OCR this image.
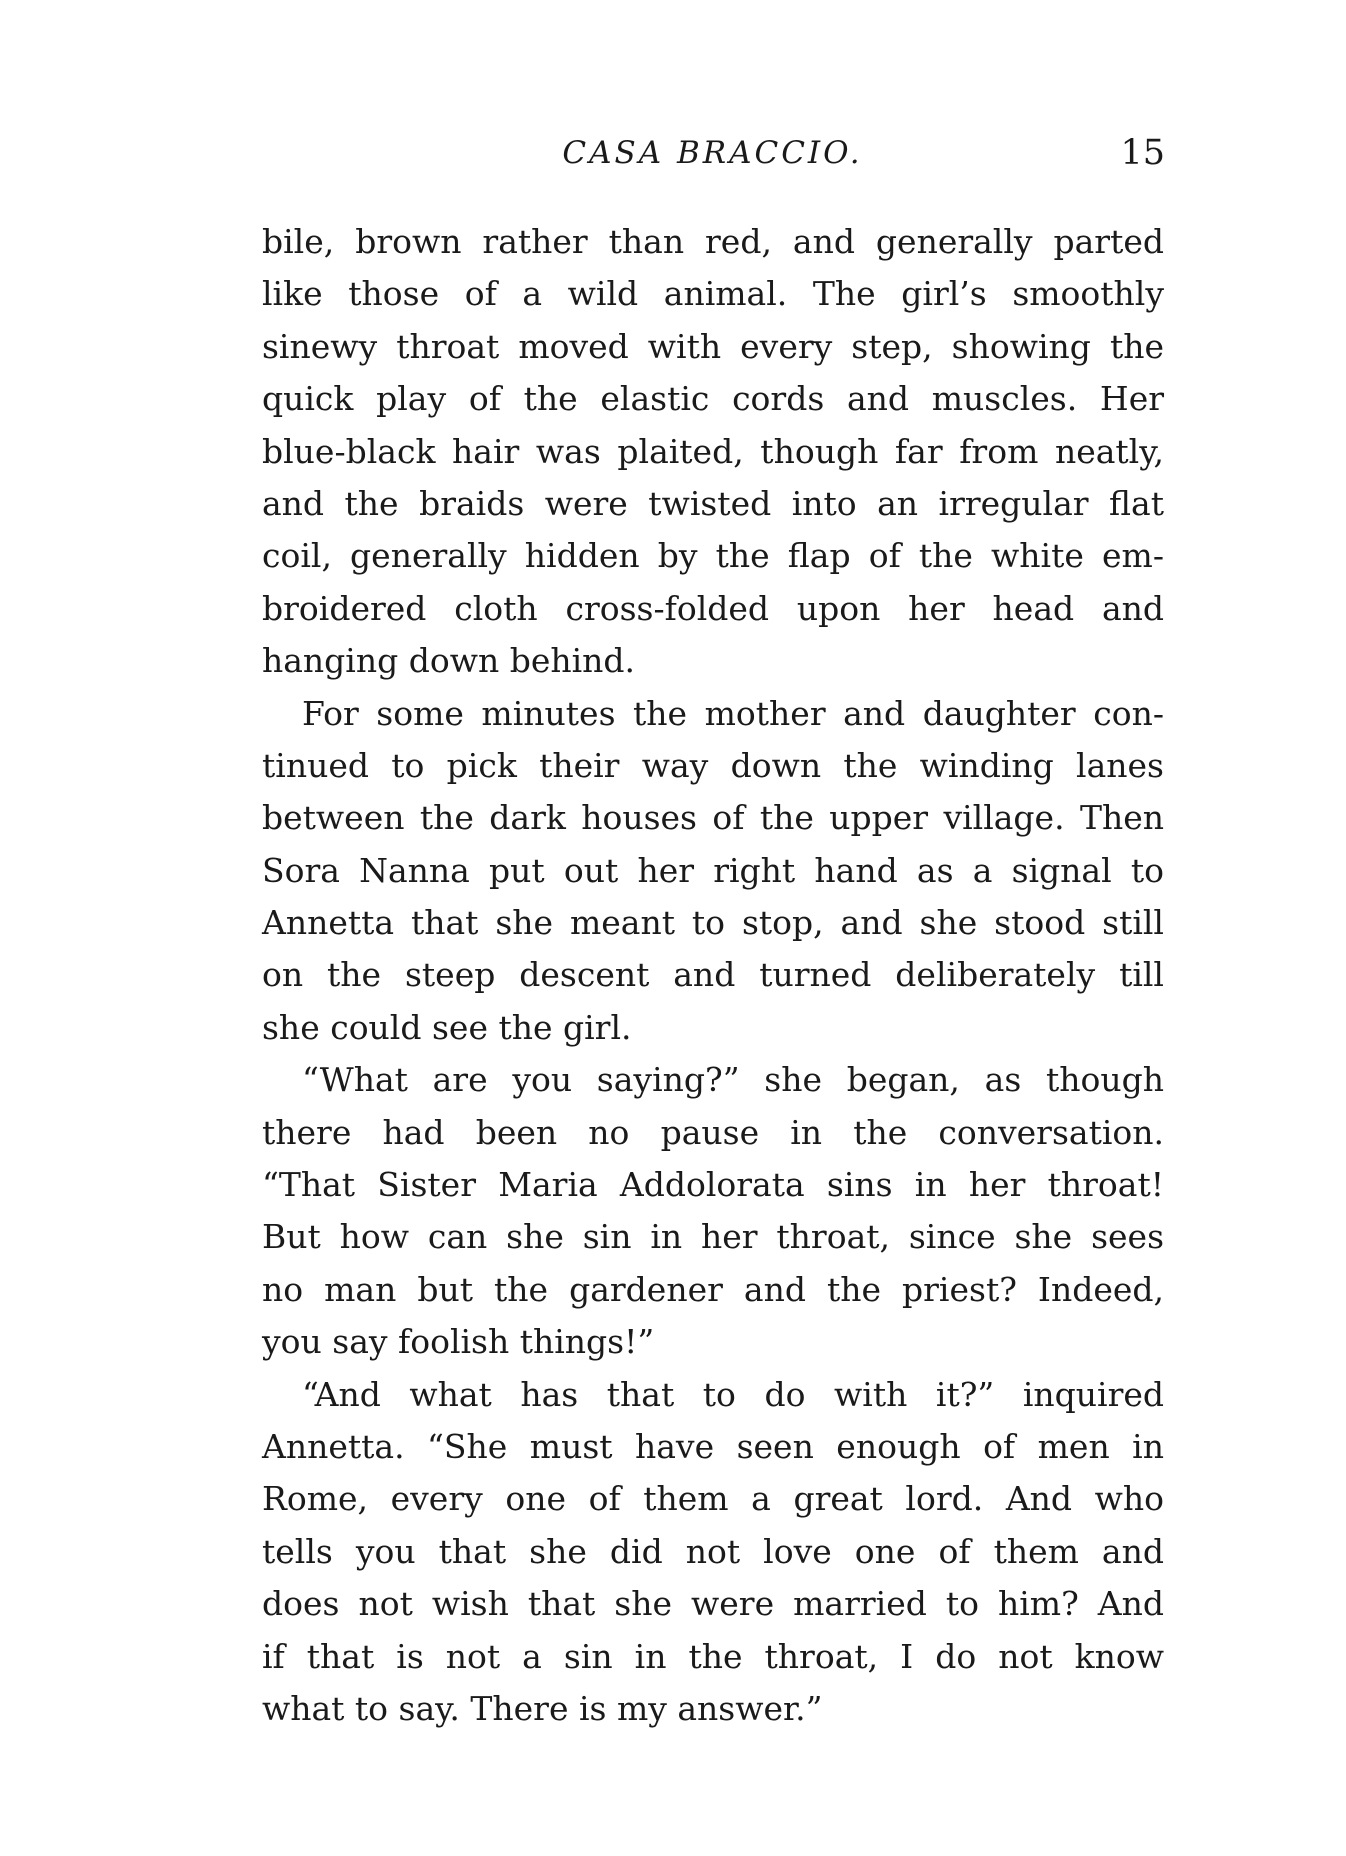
CASA BRACCIO.	15
bile, brown rather than red, and generally parted
like those of a wild animal. The girl’s smoothly
sinewy throat moved with every step, showing the
quick play of the elastic cords and muscles. Her
blue-black hair was plaited, though far from neatly,
and the braids were twisted into an irregular flat
coil, generally hidden by the flap of the white em-
broidered cloth cross-folded upon her head and
hanging down behind.
For some minutes the mother and daughter con-
tinued to pick their way down the winding lanes
between the dark houses of the upper village. Then
Sora Nanna put out her right hand as a signal to
Annetta that she meant to stop, and she stood still
on the steep descent and turned deliberately till
she could see the girl.
“What are you saying?” she began, as though
there had been no pause in the conversation.
“That Sister Maria Addolorata sins in her throat!
But how can she sin in her throat, since she sees
no man but the gardener and the priest? Indeed,
you say foolish things!”
“And what has that to do with it?” inquired
Annetta. “She must have seen enough of men in
Rome, every one of them a great lord. And who
tells you that she did not love one of them and
does not wish that she were married to him? And
if that is not a sin in the throat, I do not know
what to say. There is my answer.”
